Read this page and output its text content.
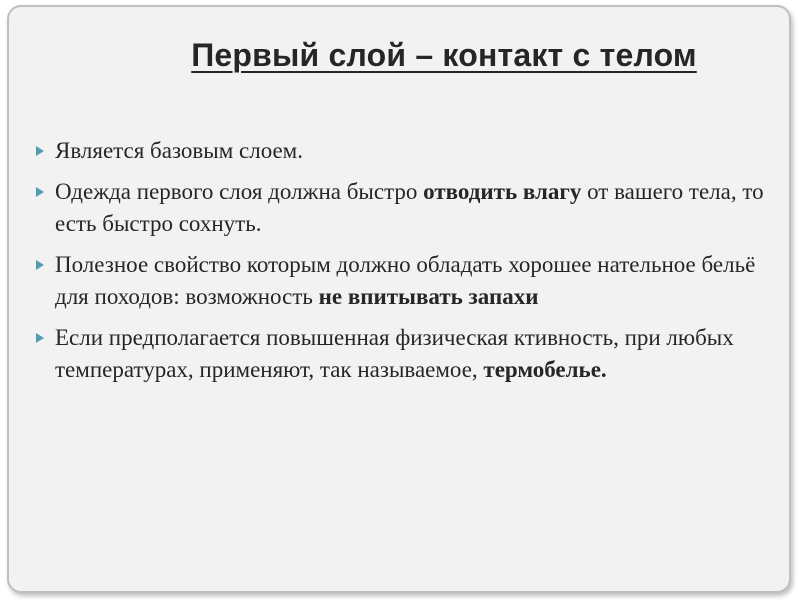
Первый слой – контакт с телом
Является базовым слоем.
Одежда первого слоя должна быстро отводить влагу от вашего тела, то есть быстро сохнуть.
Полезное свойство которым должно обладать хорошее нательное бельё для походов: возможность не впитывать запахи
Если предполагается повышенная физическая ктивность, при любых температурах, применяют, так называемое, термобелье.
